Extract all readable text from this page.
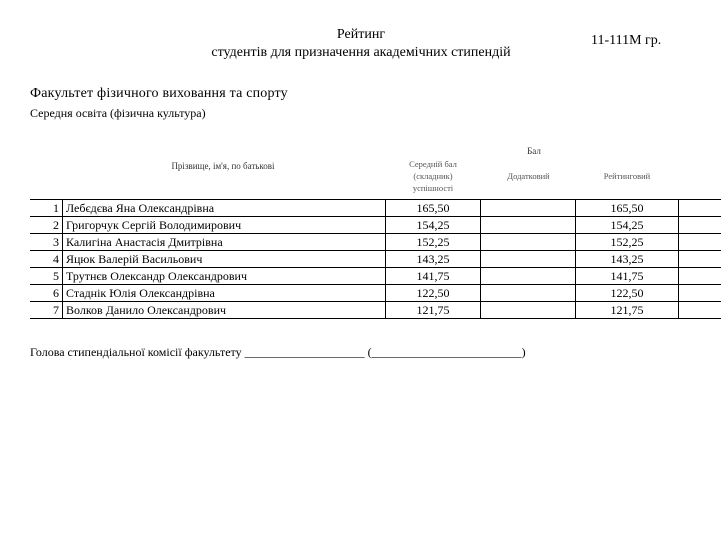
Рейтинг
студентів для призначення академічних стипендій
11-111М гр.
Факультет фізичного виховання та спорту
Середня освіта (фізична культура)
Прізвище, ім'я, по батькові
Бал
Середній бал
(складник)
успішності
Додатковий	Рейтинговий
1	Лебєдєва Яна Олександрівна	165,50		165,50	
2	Григорчук Сергій Володимирович	154,25		154,25	
3	Калигіна Анастасія Дмитрівна	152,25		152,25	
4	Яцюк Валерій Васильович	143,25		143,25	
5	Трутнєв Олександр Олександрович	141,75		141,75	
6	Стаднік Юлія Олександрівна	122,50		122,50	
7	Волков Данило Олександрович	121,75		121,75	
Голова стипендіальної комісії факультету ____________________ (_________________________)
